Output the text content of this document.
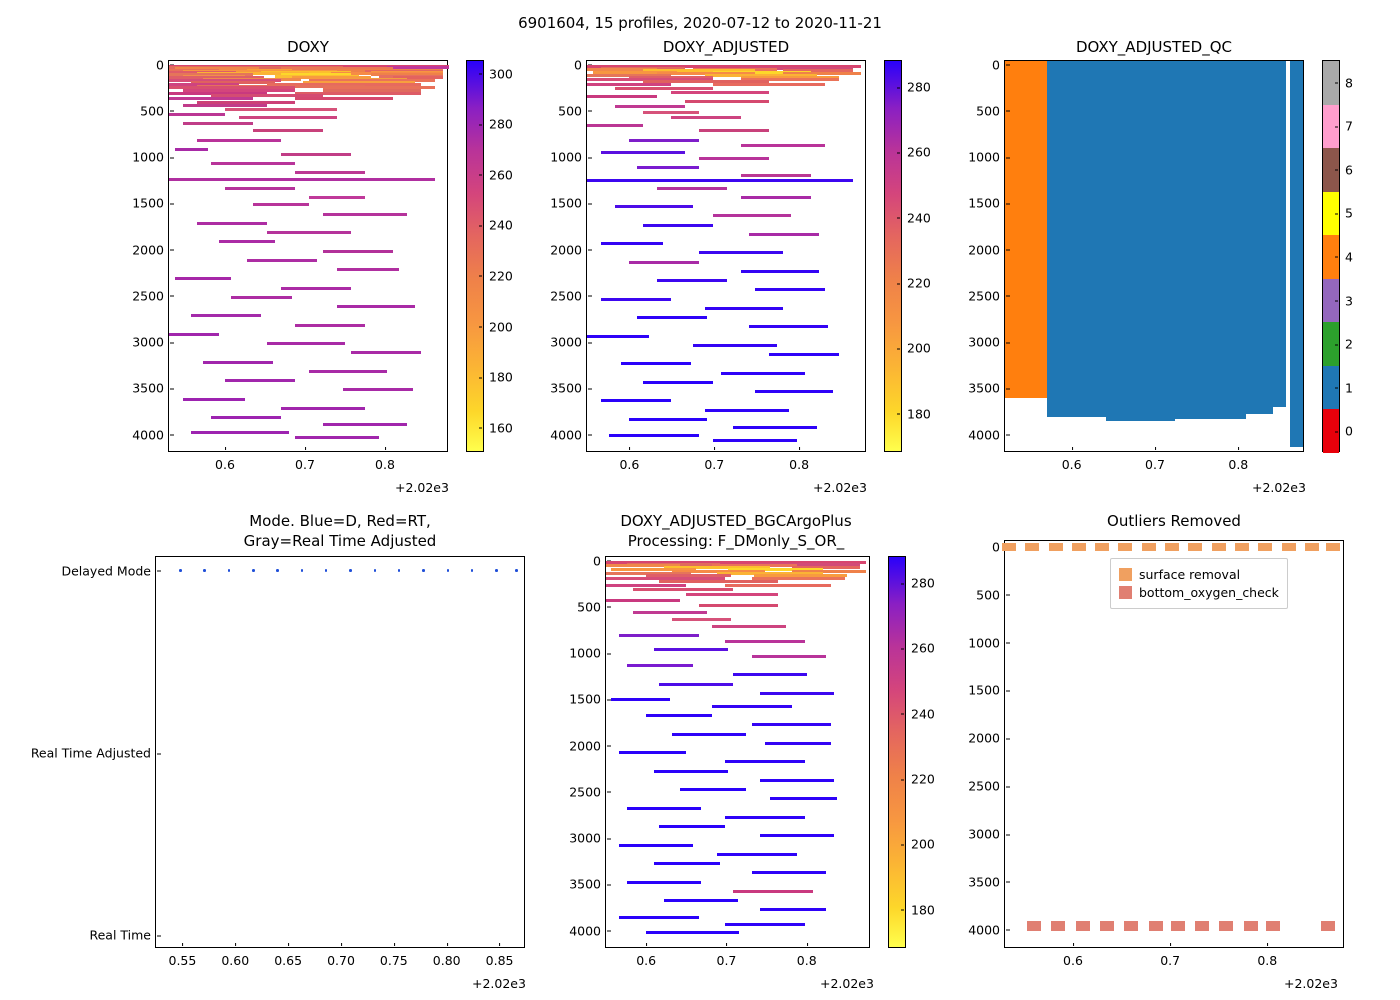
6901604, 15 profiles, 2020-07-12 to 2020-11-21
DOXY
0
500
1000
1500
2000
2500
3000
3500
4000
0.6	0.7	0.8
160
180
200
220
240
260
280
300
+2.02e3
DOXY_ADJUSTED
0
500
1000
1500
2000
2500
3000
3500
4000
0.6	0.7	0.8
180
200
220
240
260
280
+2.02e3
DOXY_ADJUSTED_QC
0
500
1000
1500
2000
2500
3000
3500
4000
0.6	0.7	0.8
0
1
2
3
4
5
6
7
8
+2.02e3
Mode. Blue=D, Red=RT,
Gray=Real Time Adjusted
Delayed Mode
Real Time Adjusted
Real Time
0.55 0.60 0.65 0.70 0.75 0.80 0.85
+2.02e3
DOXY_ADJUSTED_BGCArgoPlus
Processing: F_DMonly_S_OR_
0
500
1000
1500
2000
2500
3000
3500
4000
0.6	0.7	0.8
180
200
220
240
260
280
+2.02e3
Outliers Removed
0
500
1000
1500
2000
2500
3000
3500
4000
0.6	0.7	0.8
surface removal
bottom_oxygen_check
+2.02e3
